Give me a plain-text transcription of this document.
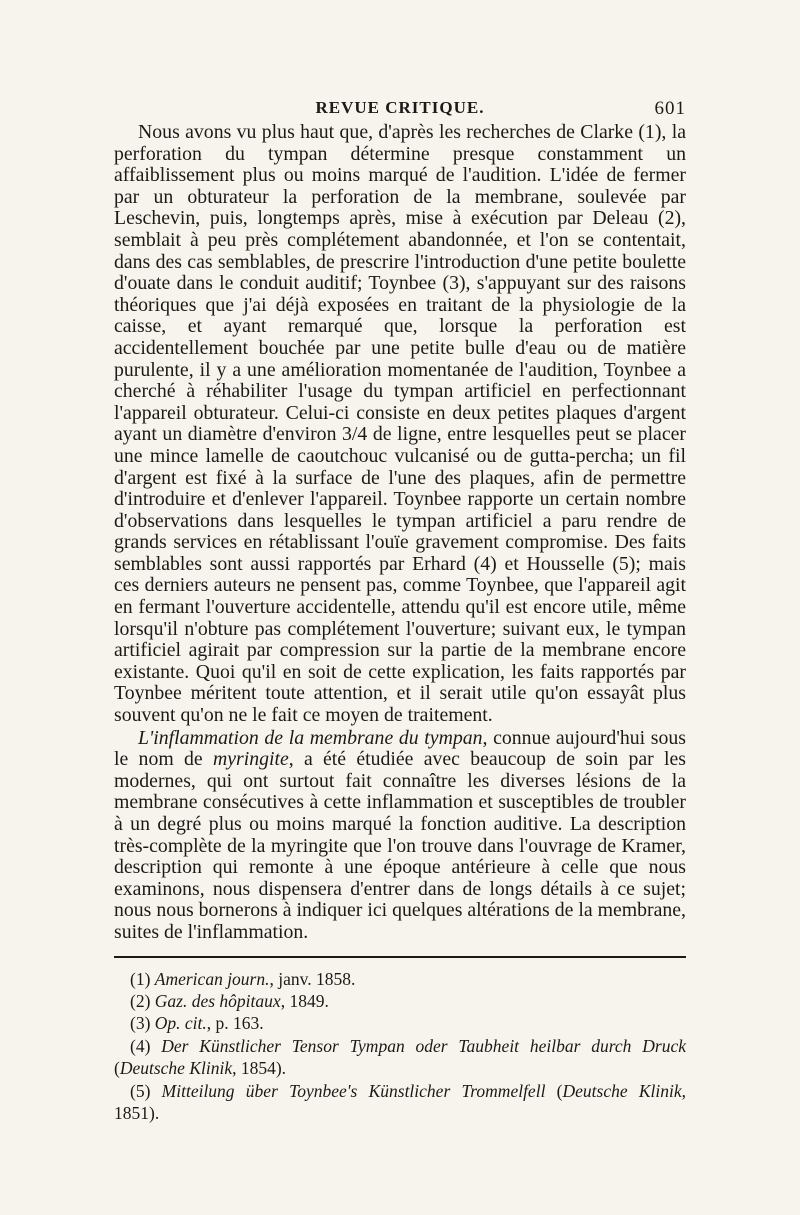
REVUE CRITIQUE.	601

Nous avons vu plus haut que, d'après les recherches de Clarke (1), la perforation du tympan détermine presque constamment un affaiblissement plus ou moins marqué de l'audition. L'idée de fermer par un obturateur la perforation de la membrane, soulevée par Leschevin, puis, longtemps après, mise à exécution par Deleau (2), semblait à peu près complétement abandonnée, et l'on se contentait, dans des cas semblables, de prescrire l'introduction d'une petite boulette d'ouate dans le conduit auditif; Toynbee (3), s'appuyant sur des raisons théoriques que j'ai déjà exposées en traitant de la physiologie de la caisse, et ayant remarqué que, lorsque la perforation est accidentellement bouchée par une petite bulle d'eau ou de matière purulente, il y a une amélioration momentanée de l'audition, Toynbee a cherché à réhabiliter l'usage du tympan artificiel en perfectionnant l'appareil obturateur. Celui-ci consiste en deux petites plaques d'argent ayant un diamètre d'environ 3/4 de ligne, entre lesquelles peut se placer une mince lamelle de caoutchouc vulcanisé ou de gutta-percha; un fil d'argent est fixé à la surface de l'une des plaques, afin de permettre d'introduire et d'enlever l'appareil. Toynbee rapporte un certain nombre d'observations dans lesquelles le tympan artificiel a paru rendre de grands services en rétablissant l'ouïe gravement compromise. Des faits semblables sont aussi rapportés par Erhard (4) et Housselle (5); mais ces derniers auteurs ne pensent pas, comme Toynbee, que l'appareil agit en fermant l'ouverture accidentelle, attendu qu'il est encore utile, même lorsqu'il n'obture pas complétement l'ouverture; suivant eux, le tympan artificiel agirait par compression sur la partie de la membrane encore existante. Quoi qu'il en soit de cette explication, les faits rapportés par Toynbee méritent toute attention, et il serait utile qu'on essayât plus souvent qu'on ne le fait ce moyen de traitement.

L'inflammation de la membrane du tympan, connue aujourd'hui sous le nom de myringite, a été étudiée avec beaucoup de soin par les modernes, qui ont surtout fait connaître les diverses lésions de la membrane consécutives à cette inflammation et susceptibles de troubler à un degré plus ou moins marqué la fonction auditive. La description très-complète de la myringite que l'on trouve dans l'ouvrage de Kramer, description qui remonte à une époque antérieure à celle que nous examinons, nous dispensera d'entrer dans de longs détails à ce sujet; nous nous bornerons à indiquer ici quelques altérations de la membrane, suites de l'inflammation.

(1) American journ., janv. 1858.

(2) Gaz. des hôpitaux, 1849.

(3) Op. cit., p. 163.

(4) Der Künstlicher Tensor Tympan oder Taubheit heilbar durch Druck (Deutsche Klinik, 1854).

(5) Mitteilung über Toynbee's Künstlicher Trommelfell (Deutsche Klinik, 1851).
